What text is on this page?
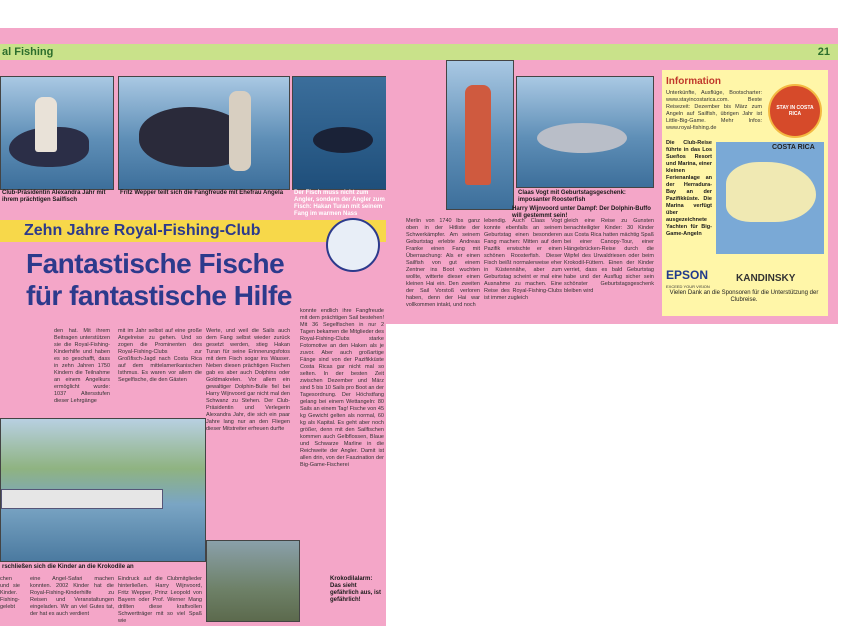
al Fishing
Club-Präsidentin Alexandra Jahr mit ihrem prächtigen Sailfisch
Fritz Wepper teilt sich die Fangfreude mit Ehefrau Angela	Der Fisch muss nicht zum Angler, sondern der Angler zum Fisch: Hakan Turan mit seinem Fang im warmen Nass
Zehn Jahre Royal-Fishing-Club
Fantastische Fische
für fantastische Hilfe
den hat. Mit ihrem Beitragen unterstützen sie die Royal-Fishing-Kinderhilfe und haben es so geschafft, dass in zehn Jahren 1750 Kindern die Teilnahme an einem Angelkurs ermöglicht wurde: 1037 Altersstufen dieser Lehrgänge
mit im Jahr selbst auf eine große Angelreise zu gehen. Und so zogen die Prominenten des Royal-Fishing-Clubs zur Großfisch-Jagd nach Costa Rica auf dem mittelamerikanischen Isthmus. Es waren vor allem die Segelfische, die den Gästen
Werte, und weil die Sails auch dem Fang selbst wieder zurück gesetzt werden, stieg Hakan Turan für seine Erinnerungsfotos mit dem Fisch sogar ins Wasser. Neben diesen prächtigen Fischen gab es aber auch Dolphins oder Goldmakrelen. Vor allem ein gewaltiger Dolphin-Bulle fiel bei Harry Wijnvoord gar nicht mal den Schwanz zu Stehen. Der Club-Präsidentin und Verlegerin Alexandra Jahr, die sich ein paar Jahre lang nur an den Fliegen dieser Mitstreiter erfreuen durfte
konnte endlich ihre Fangfreude mit dem prächtigen Sail bestehen! Mit 36 Segelfischen in nur 2 Tagen bekamen die Mitglieder des Royal-Fishing-Clubs starke Fotomotive an den Haken als je zuvor. Aber auch großartige Fänge sind von der Pazifikküste Costa Ricas gar nicht mal so selten. In der besten Zeit zwischen Dezember und März sind 5 bis 10 Sails pro Boot an der Tagesordnung. Der Höchstfang gelang bei einem Wettangeln: 80 Sails an einem Tag! Fische von 45 kg Gewicht gelten als normal, 60 kg als Kapital. Es geht aber noch größer, denn mit den Sailfischen kommen auch Gelbflossen, Blaue und Schwarze Marline in die Reichweite der Angler. Damit ist allen drin, von der Faszination der Big-Game-Fischerei
rschließen sich die Kinder an die Krokodile an
Krokodilalarm: Das sieht gefährlich aus, ist gefährlich!
chen und sie Kinder. Fishing-gelebt
eine Angel-Safari machen konnten. 2002 Kinder hat die Royal-Fishing-Kinderhilfe zu Reisen und Veranstaltungen eingeladen. Wir an viel Gutes tat, der hat es auch verdient
Eindruck auf die Clubmitglieder hinterließen. Harry Wijnvoord, Fritz Wepper, Prinz Leopold von Bayern oder Prof. Werner Mang drillten diese kraftvollen Schwertträger mit so viel Spaß wie
21
Claas Vogt mit Geburtstagsgeschenk: imposanter Roosterfish
Harry Wijnvoord unter Dampf: Der Dolphin-Buffo will gestemmt sein!
Merlin von 1740 lbs ganz oben in der Hitliste der Schwerkämpfer. Am seinem Geburtstag erlebte Andreas Franke einen Fang mit Überraschung: Als er einen Sailfish von gut einem Zentner ins Boot wuchten wollte, witterte dieser einen kleinen Hai ein. Den zweiten der Sail Vorstoß verloren haben, denn der Hai war vollkommen intakt, und noch
lebendig. Auch Claas Vogt konnte ebenfalls an seinem Geburtstag einen besonderen Fang machen: Mitten auf dem Pazifik erwischte er einen schönen Roosterfish. Dieser Fisch beißt normalerweise eher in Küstennähe, aber zum Geburtstag scheint er mal eine Ausnahme zu machen. Eine Reise des Royal-Fishing-Clubs ist immer zugleich
gleich eine Reise zu Gunsten benachteiligter Kinder: 30 Kinder aus Costa Rica hatten mächtig Spaß bei einer Canopy-Tour, einer Hängebrücken-Reise durch die Wipfel des Urwaldriesen oder beim Krokodil-Füttern. Einen der Kinder verriet, dass es bald Geburtstag habe und der Ausflug sicher sein schönster Geburtstagsgeschenk bleiben wird
Information
Unterkünfte, Ausflüge, Bootscharter: www.stayincostarica.com. Beste Reisezeit: Dezember bis März zum Angeln auf Sailfish, übrigen Jahr ist Little-Big-Game. Mehr Infos: www.royal-fishing.de
STAY IN COSTA RICA
Die Club-Reise führte in das Los Sueños Resort und Marina, einer kleinen Ferienanlage an der Herradura-Bay an der Pazifikküste. Die Marina verfügt über ausgezeichnete Yachten für Big-Game-Angeln
COSTA RICA
EPSON
EXCEED YOUR VISION
KANDINSKY
Vielen Dank an die Sponsoren für die Unterstützung der Clubreise.
